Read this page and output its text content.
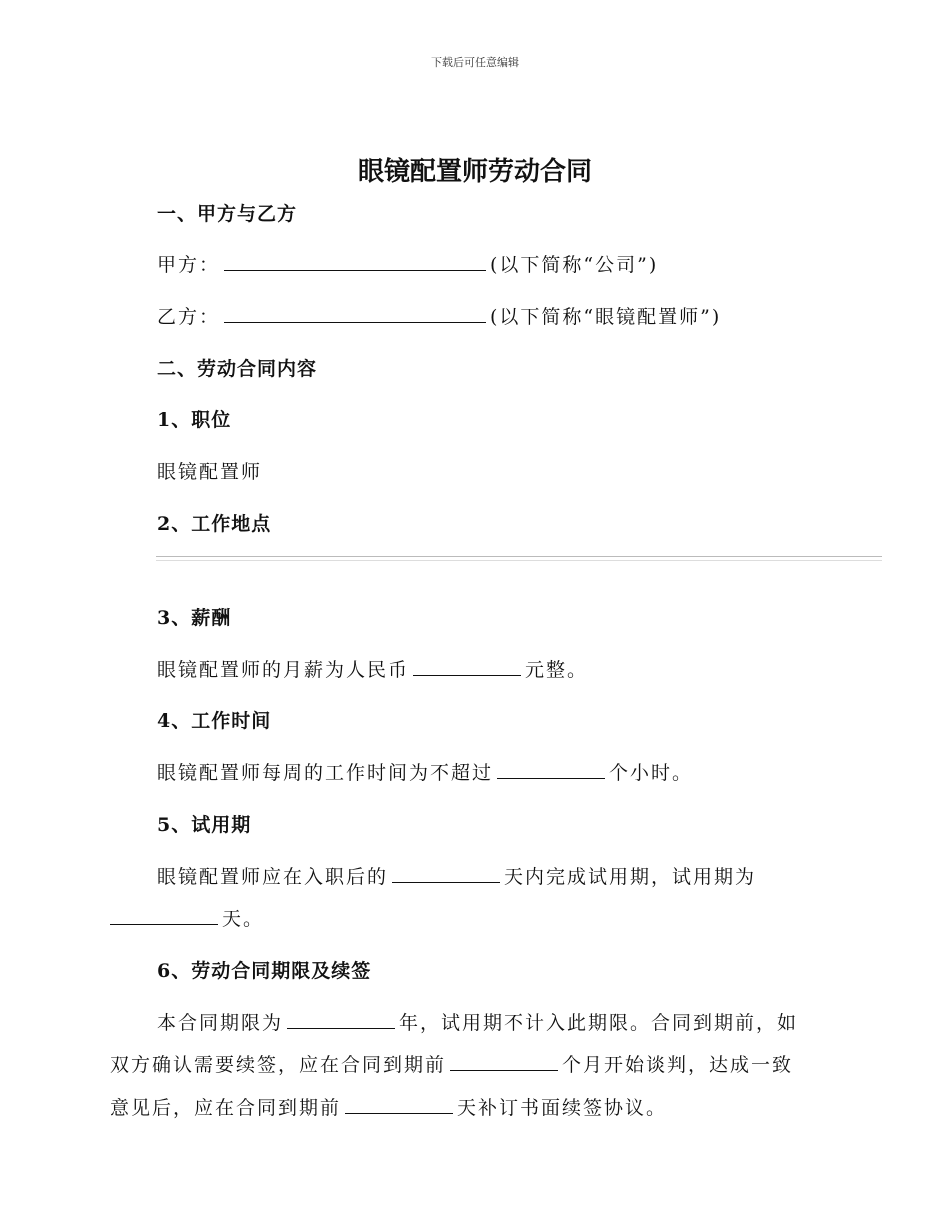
下载后可任意编辑
眼镜配置师劳动合同
一、甲方与乙方
甲方：	(以下简称“公司”)
乙方：	(以下简称“眼镜配置师”)
二、劳动合同内容
1、职位
眼镜配置师
2、工作地点
3、薪酬
眼镜配置师的月薪为人民币	元整。
4、工作时间
眼镜配置师每周的工作时间为不超过	个小时。
5、试用期
眼镜配置师应在入职后的	天内完成试用期，试用期为
天。
6、劳动合同期限及续签
本合同期限为	年，试用期不计入此期限。合同到期前，如
双方确认需要续签，应在合同到期前	个月开始谈判，达成一致
意见后，应在合同到期前	天补订书面续签协议。
